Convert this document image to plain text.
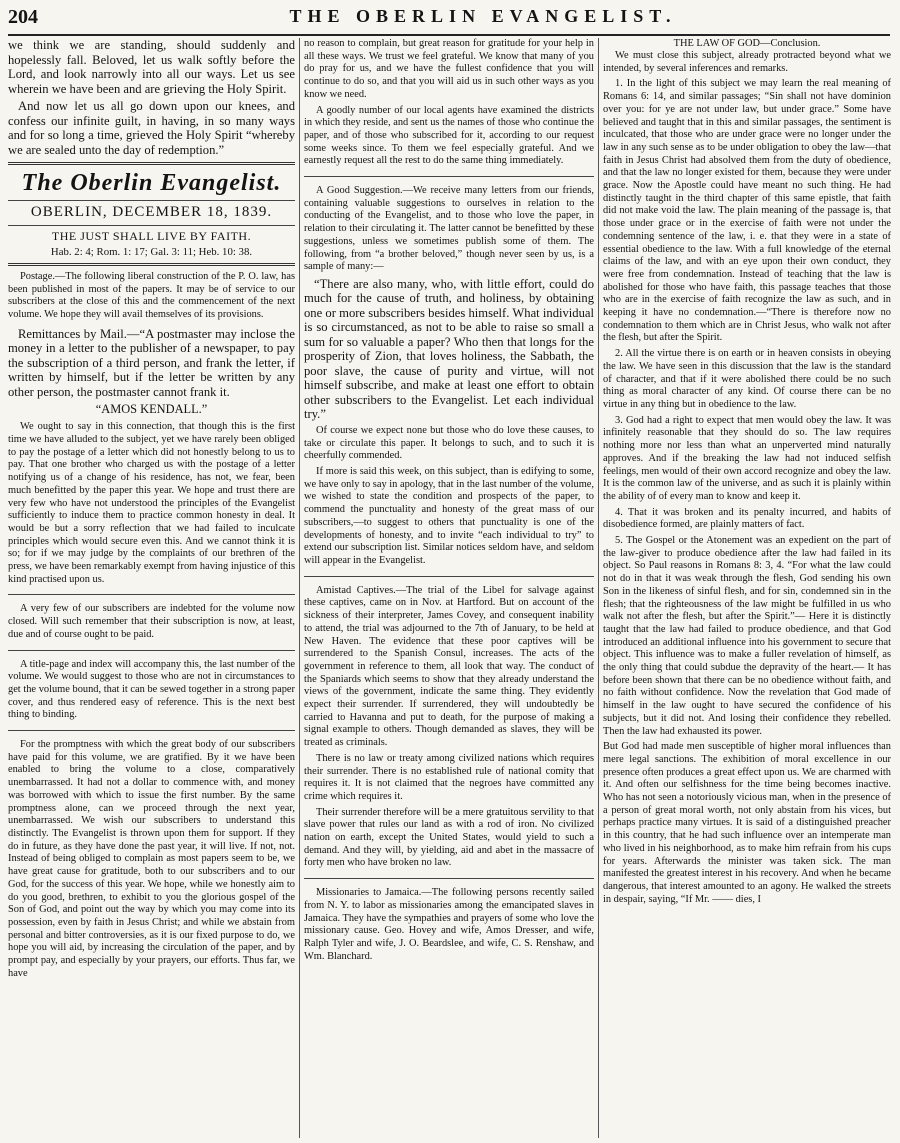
204	THE OBERLIN EVANGELIST.

we think we are standing, should suddenly and hopelessly fall. Beloved, let us walk softly before the Lord, and look narrowly into all our ways. Let us see wherein we have been and are grieving the Holy Spirit.

And now let us all go down upon our knees, and confess our infinite guilt, in having, in so many ways and for so long a time, grieved the Holy Spirit “whereby we are sealed unto the day of redemption.”

The Oberlin Evangelist.
OBERLIN, DECEMBER 18, 1839.
THE JUST SHALL LIVE BY FAITH.
Hab. 2: 4; Rom. 1: 17; Gal. 3: 11; Heb. 10: 38.

Postage.—The following liberal construction of the P. O. law, has been published in most of the papers. It may be of service to our subscribers at the close of this and the commencement of the next volume. We hope they will avail themselves of its provisions.

Remittances by Mail.—“A postmaster may inclose the money in a letter to the publisher of a newspaper, to pay the subscription of a third person, and frank the letter, if written by himself, but if the letter be written by any other person, the postmaster cannot frank it.

“AMOS KENDALL.”

We ought to say in this connection, that though this is the first time we have alluded to the subject, yet we have rarely been obliged to pay the postage of a letter which did not honestly belong to us to pay. That one brother who charged us with the postage of a letter notifying us of a change of his residence, has not, we fear, been much benefitted by the paper this year. We hope and trust there are very few who have not understood the principles of the Evangelist sufficiently to induce them to practice common honesty in deal. It would be but a sorry reflection that we had failed to inculcate principles which would secure even this. And we cannot think it is so; for if we may judge by the complaints of our brethren of the press, we have been remarkably exempt from having injustice of this kind practised upon us.

A very few of our subscribers are indebted for the volume now closed. Will such remember that their subscription is now, at least, due and of course ought to be paid.

A title-page and index will accompany this, the last number of the volume. We would suggest to those who are not in circumstances to get the volume bound, that it can be sewed together in a strong paper cover, and thus rendered easy of reference. This is the next best thing to binding.

For the promptness with which the great body of our subscribers have paid for this volume, we are gratified. By it we have been enabled to bring the volume to a close, comparatively unembarrassed. It had not a dollar to commence with, and money was borrowed with which to issue the first number. By the same promptness alone, can we proceed through the next year, unembarrassed. We wish our subscribers to understand this distinctly. The Evangelist is thrown upon them for support. If they do in future, as they have done the past year, it will live. If not, not. Instead of being obliged to complain as most papers seem to be, we have great cause for gratitude, both to our subscribers and to our God, for the success of this year. We hope, while we honestly aim to do you good, brethren, to exhibit to you the glorious gospel of the Son of God, and point out the way by which you may come into its possession, even by faith in Jesus Christ; and while we abstain from personal and bitter controversies, as it is our fixed purpose to do, we hope you will aid, by increasing the circulation of the paper, and by prompt pay, and especially by your prayers, our efforts. Thus far, we have

no reason to complain, but great reason for gratitude for your help in all these ways. We trust we feel grateful. We know that many of you do pray for us, and we have the fullest confidence that you will continue to do so, and that you will aid us in such other ways as you know we need.

A goodly number of our local agents have examined the districts in which they reside, and sent us the names of those who continue the paper, and of those who subscribed for it, according to our request some weeks since. To them we feel especially grateful. And we earnestly request all the rest to do the same thing immediately.

A Good Suggestion.—We receive many letters from our friends, containing valuable suggestions to ourselves in relation to the conducting of the Evangelist, and to those who love the paper, in relation to their circulating it. The latter cannot be benefitted by these suggestions, unless we sometimes publish some of them. The following, from “a brother beloved,” though never seen by us, is a sample of many:—

“There are also many, who, with little effort, could do much for the cause of truth, and holiness, by obtaining one or more subscribers besides himself. What individual is so circumstanced, as not to be able to raise so small a sum for so valuable a paper? Who then that longs for the prosperity of Zion, that loves holiness, the Sabbath, the poor slave, the cause of purity and virtue, will not himself subscribe, and make at least one effort to obtain other subscribers to the Evangelist. Let each individual try.”

Of course we expect none but those who do love these causes, to take or circulate this paper. It belongs to such, and to such it is cheerfully commended.

If more is said this week, on this subject, than is edifying to some, we have only to say in apology, that in the last number of the volume, we wished to state the condition and prospects of the paper, to commend the punctuality and honesty of the great mass of our subscribers,—to suggest to others that punctuality is one of the developments of honesty, and to invite “each individual to try” to extend our subscription list. Similar notices seldom have, and seldom will appear in the Evangelist.

Amistad Captives.—The trial of the Libel for salvage against these captives, came on in Nov. at Hartford. But on account of the sickness of their interpreter, James Covey, and consequent inability to attend, the trial was adjourned to the 7th of January, to be held at New Haven. The evidence that these poor captives will be surrendered to the Spanish Consul, increases. The acts of the government in reference to them, all look that way. The conduct of the Spaniards which seems to show that they already understand the views of the government, indicate the same thing. They evidently expect their surrender. If surrendered, they will undoubtedly be carried to Havanna and put to death, for the purpose of making a signal example to others. Though demanded as slaves, they will be treated as criminals.

There is no law or treaty among civilized nations which requires their surrender. There is no established rule of national comity that requires it. It is not claimed that the negroes have committed any crime which requires it.

Their surrender therefore will be a mere gratuitous servility to that slave power that rules our land as with a rod of iron. No civilized nation on earth, except the United States, would yield to such a demand. And they will, by yielding, aid and abet in the massacre of forty men who have broken no law.

Missionaries to Jamaica.—The following persons recently sailed from N. Y. to labor as missionaries among the emancipated slaves in Jamaica. They have the sympathies and prayers of some who love the missionary cause. Geo. Hovey and wife, Amos Dresser, and wife, Ralph Tyler and wife, J. O. Beardslee, and wife, C. S. Renshaw, and Wm. Blanchard.

THE LAW OF GOD—Conclusion.

We must close this subject, already protracted beyond what we intended, by several inferences and remarks.

1. In the light of this subject we may learn the real meaning of Romans 6: 14, and similar passages; “Sin shall not have dominion over you: for ye are not under law, but under grace.” Some have believed and taught that in this and similar passages, the sentiment is inculcated, that those who are under grace were no longer under the law in any such sense as to be under obligation to obey the law—that faith in Jesus Christ had absolved them from the duty of obedience, and that the law no longer existed for them, because they were under grace. Now the Apostle could have meant no such thing. He had distinctly taught in the third chapter of this same epistle, that faith did not make void the law. The plain meaning of the passage is, that those under grace or in the exercise of faith were not under the condemning sentence of the law, i. e. that they were in a state of essential obedience to the law. With a full knowledge of the eternal claims of the law, and with an eye upon their own conduct, they were free from condemnation. Instead of teaching that the law is abolished for those who have faith, this passage teaches that those who are in the exercise of faith recognize the law as such, and in keeping it have no condemnation.—“There is therefore now no condemnation to them which are in Christ Jesus, who walk not after the flesh, but after the Spirit.

2. All the virtue there is on earth or in heaven consists in obeying the law. We have seen in this discussion that the law is the standard of character, and that if it were abolished there could be no such thing as moral character of any kind. Of course there can be no virtue in any thing but in obedience to the law.

3. God had a right to expect that men would obey the law. It was infinitely reasonable that they should do so. The law requires nothing more nor less than what an unperverted mind naturally approves. And if the breaking the law had not induced selfish feelings, men would of their own accord recognize and obey the law. It is the common law of the universe, and as such it is plainly within the ability of of every man to know and keep it.

4. That it was broken and its penalty incurred, and habits of disobedience formed, are plainly matters of fact.

5. The Gospel or the Atonement was an expedient on the part of the law-giver to produce obedience after the law had failed in its object. So Paul reasons in Romans 8: 3, 4. “For what the law could not do in that it was weak through the flesh, God sending his own Son in the likeness of sinful flesh, and for sin, condemned sin in the flesh; that the righteousness of the law might be fulfilled in us who walk not after the flesh, but after the Spirit.”— Here it is distinctly taught that the law had failed to produce obedience, and that God introduced an additional influence into his government to secure that object. This influence was to make a fuller revelation of himself, as the only thing that could subdue the depravity of the heart.— It has before been shown that there can be no obedience without faith, and no faith without confidence. Now the revelation that God made of himself in the law ought to have secured the confidence of his subjects, but it did not. And losing their confidence they rebelled. Then the law had exhausted its power.

But God had made men susceptible of higher moral influences than mere legal sanctions. The exhibition of moral excellence in our presence often produces a great effect upon us. We are charmed with it. And often our selfishness for the time being becomes inactive. Who has not seen a notoriously vicious man, when in the presence of a person of great moral worth, not only abstain from his vices, but perhaps practice many virtues. It is said of a distinguished preacher in this country, that he had such influence over an intemperate man who lived in his neighborhood, as to make him refrain from his cups for years. Afterwards the minister was taken sick. The man manifested the greatest interest in his recovery. And when he became dangerous, that interest amounted to an agony. He walked the streets in despair, saying, “If Mr. —— dies, I
